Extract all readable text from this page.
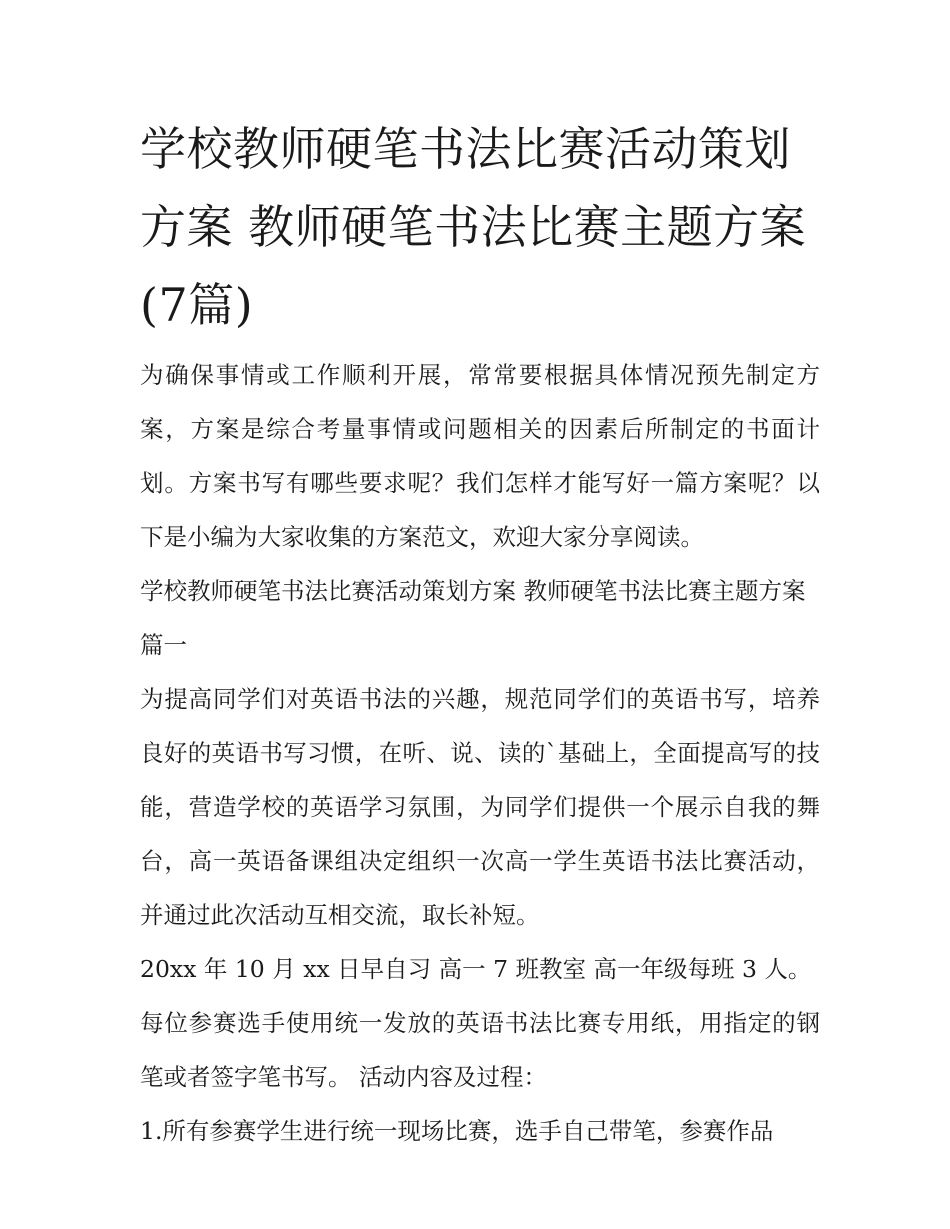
学校教师硬笔书法比赛活动策划方案 教师硬笔书法比赛主题方案(7篇)

为确保事情或工作顺利开展，常常要根据具体情况预先制定方案，方案是综合考量事情或问题相关的因素后所制定的书面计划。方案书写有哪些要求呢？我们怎样才能写好一篇方案呢？以下是小编为大家收集的方案范文，欢迎大家分享阅读。

学校教师硬笔书法比赛活动策划方案 教师硬笔书法比赛主题方案篇一

为提高同学们对英语书法的兴趣，规范同学们的英语书写，培养良好的英语书写习惯，在听、说、读的`基础上，全面提高写的技能，营造学校的英语学习氛围，为同学们提供一个展示自我的舞台，高一英语备课组决定组织一次高一学生英语书法比赛活动，并通过此次活动互相交流，取长补短。

20xx 年 10 月 xx 日早自习 高一 7 班教室 高一年级每班 3 人。

每位参赛选手使用统一发放的英语书法比赛专用纸，用指定的钢笔或者签字笔书写。 活动内容及过程：

1.所有参赛学生进行统一现场比赛，选手自己带笔，参赛作品
